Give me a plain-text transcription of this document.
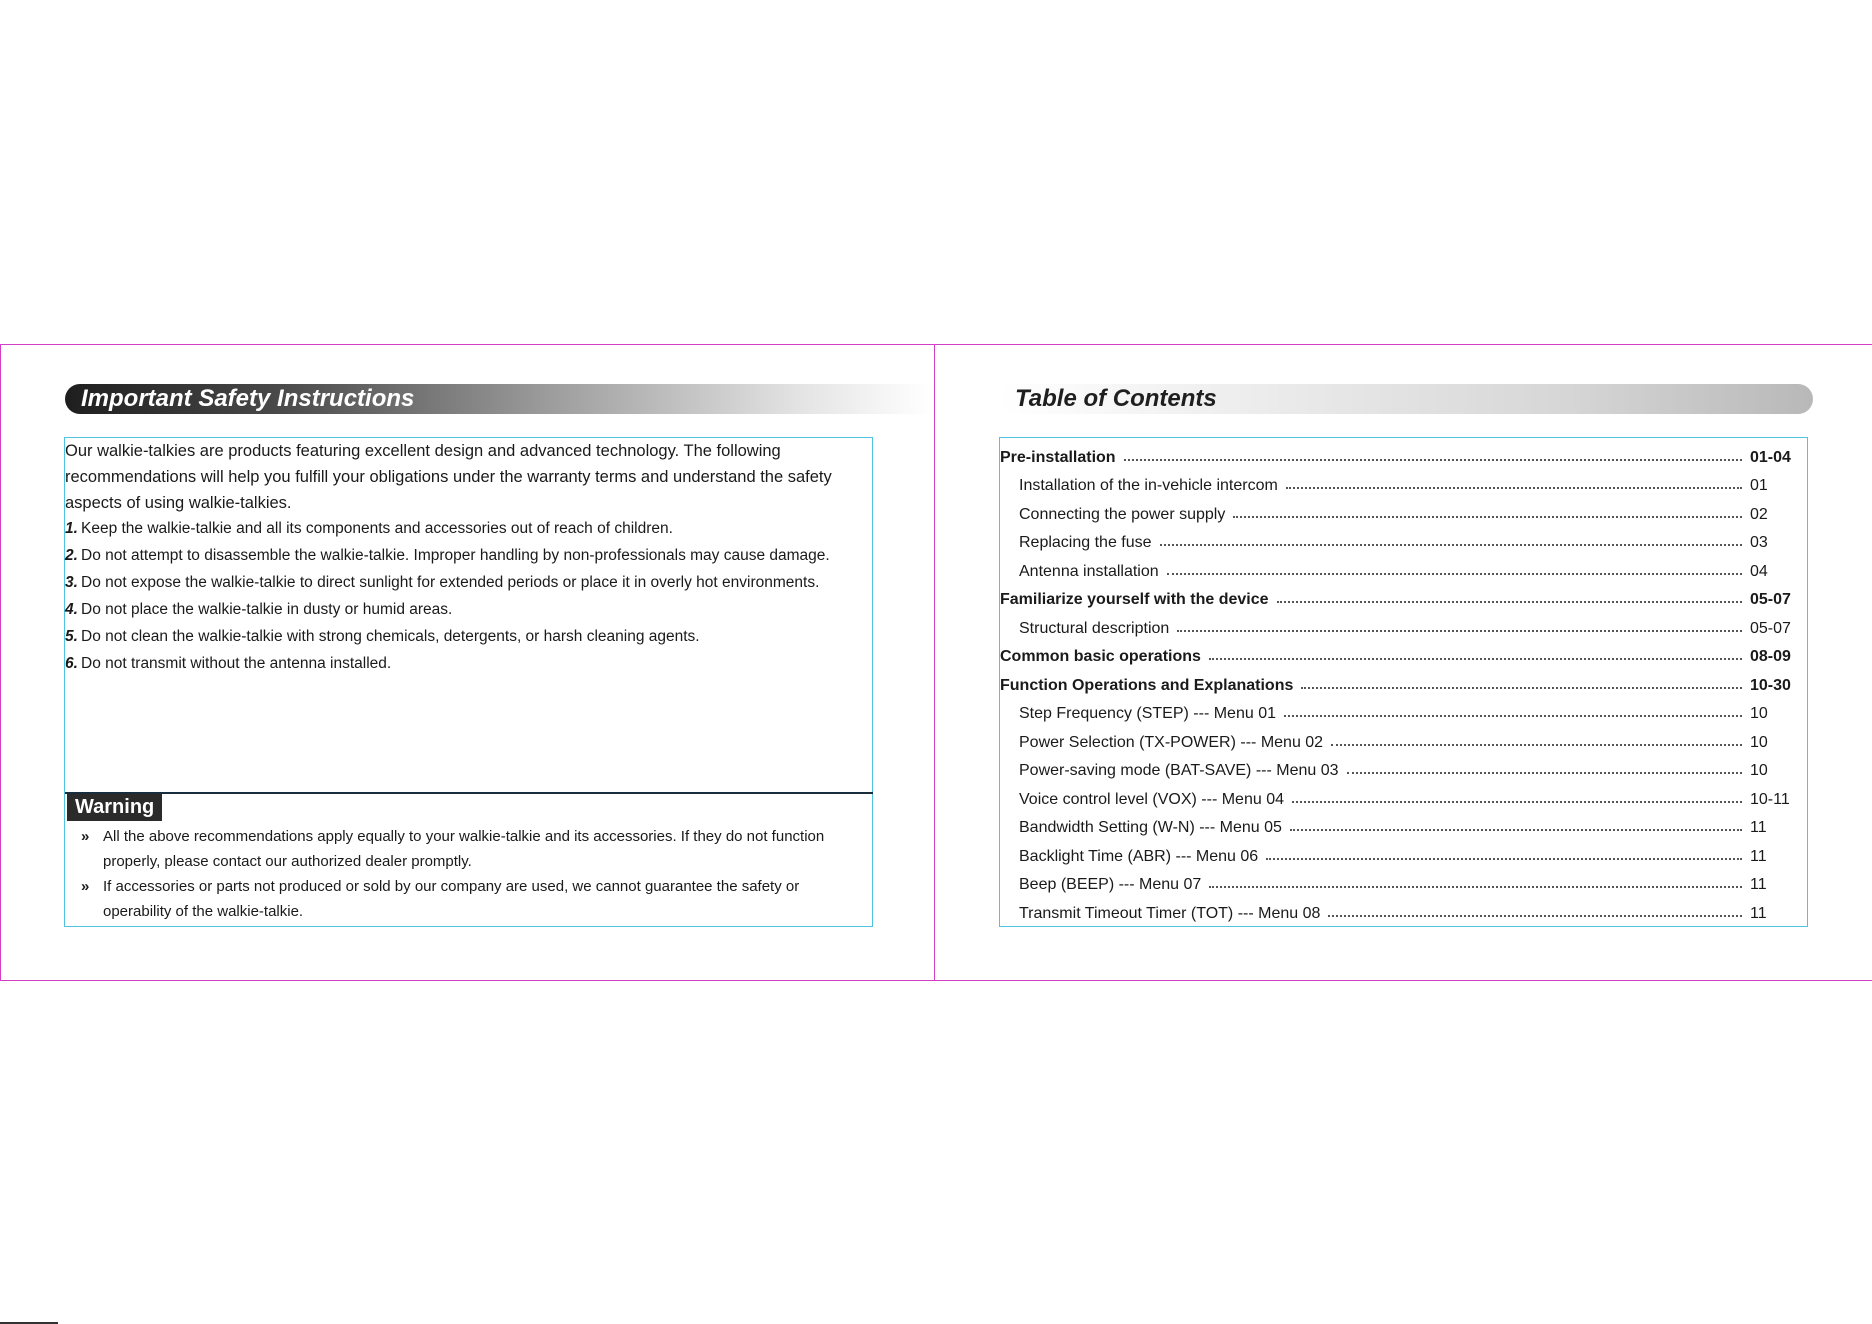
Important Safety Instructions
Our walkie-talkies are products featuring excellent design and advanced technology. The following recommendations will help you fulfill your obligations under the warranty terms and understand the safety aspects of using walkie-talkies.
1. Keep the walkie-talkie and all its components and accessories out of reach of children.
2. Do not attempt to disassemble the walkie-talkie. Improper handling by non-professionals may cause damage.
3. Do not expose the walkie-talkie to direct sunlight for extended periods or place it in overly hot environments.
4. Do not place the walkie-talkie in dusty or humid areas.
5. Do not clean the walkie-talkie with strong chemicals, detergents, or harsh cleaning agents.
6. Do not transmit without the antenna installed.
Warning
» All the above recommendations apply equally to your walkie-talkie and its accessories. If they do not function properly, please contact our authorized dealer promptly.
» If accessories or parts not produced or sold by our company are used, we cannot guarantee the safety or operability of the walkie-talkie.
Table of Contents
Pre-installation	01-04
Installation of the in-vehicle intercom	01
Connecting the power supply	02
Replacing the fuse	03
Antenna installation	04
Familiarize yourself with the device	05-07
Structural description	05-07
Common basic operations	08-09
Function Operations and Explanations	10-30
Step Frequency (STEP) --- Menu 01	10
Power Selection (TX-POWER) --- Menu 02	10
Power-saving mode (BAT-SAVE) --- Menu 03	10
Voice control level (VOX) --- Menu 04	10-11
Bandwidth Setting (W-N) --- Menu 05	11
Backlight Time (ABR) --- Menu 06	11
Beep (BEEP) --- Menu 07	11
Transmit Timeout Timer (TOT) --- Menu 08	11
